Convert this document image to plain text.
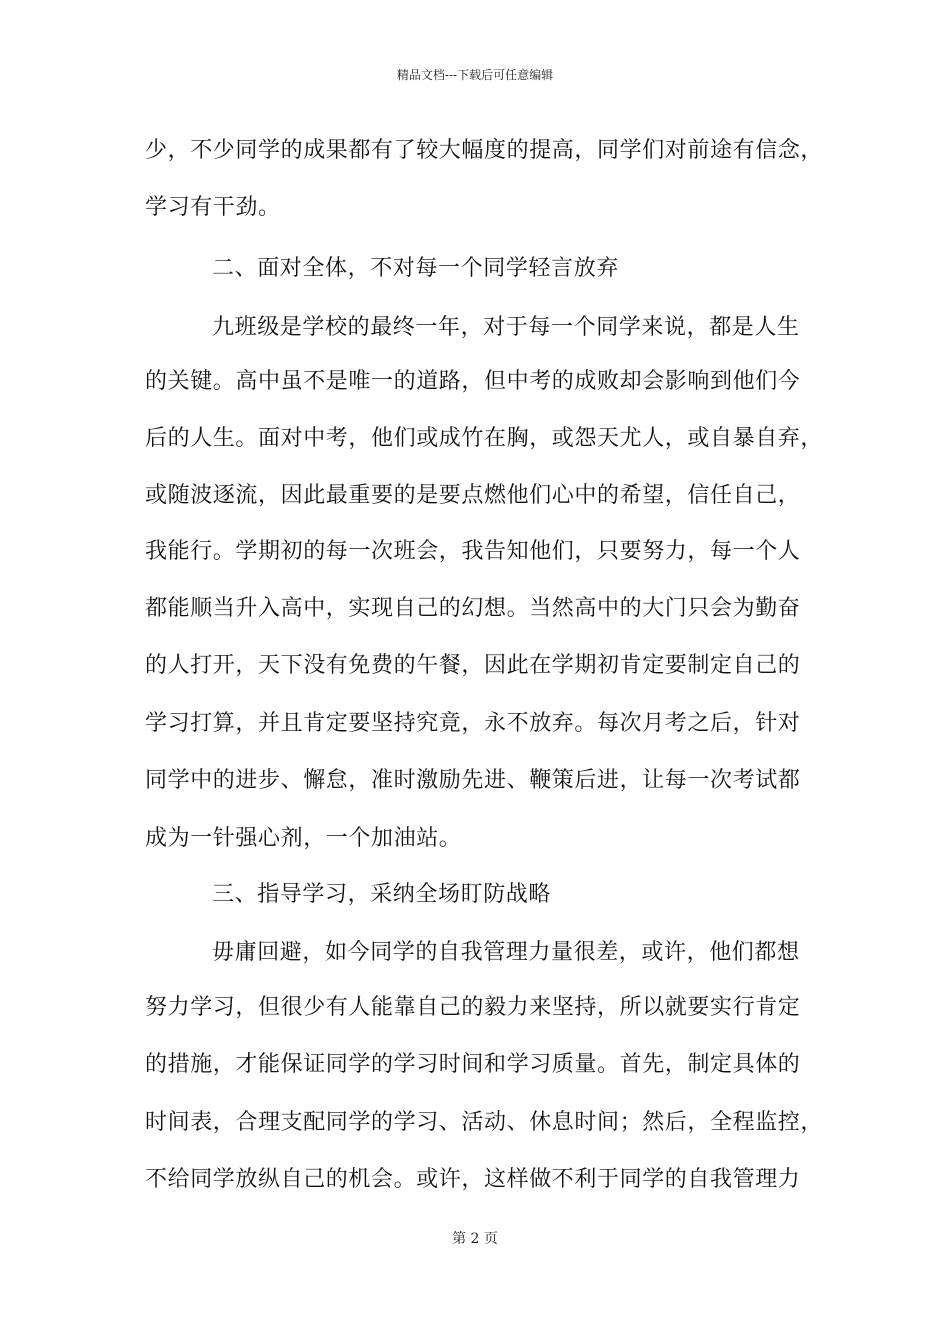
精品文档---下载后可任意编辑
少，不少同学的成果都有了较大幅度的提高，同学们对前途有信念，
学习有干劲。
二、面对全体，不对每一个同学轻言放弃
九班级是学校的最终一年，对于每一个同学来说，都是人生
的关键。高中虽不是唯一的道路，但中考的成败却会影响到他们今
后的人生。面对中考，他们或成竹在胸，或怨天尤人，或自暴自弃，
或随波逐流，因此最重要的是要点燃他们心中的希望，信任自己，
我能行。学期初的每一次班会，我告知他们，只要努力，每一个人
都能顺当升入高中，实现自己的幻想。当然高中的大门只会为勤奋
的人打开，天下没有免费的午餐，因此在学期初肯定要制定自己的
学习打算，并且肯定要坚持究竟，永不放弃。每次月考之后，针对
同学中的进步、懈怠，准时激励先进、鞭策后进，让每一次考试都
成为一针强心剂，一个加油站。
三、指导学习，采纳全场盯防战略
毋庸回避，如今同学的自我管理力量很差，或许，他们都想
努力学习，但很少有人能靠自己的毅力来坚持，所以就要实行肯定
的措施，才能保证同学的学习时间和学习质量。首先，制定具体的
时间表，合理支配同学的学习、活动、休息时间；然后，全程监控，
不给同学放纵自己的机会。或许，这样做不利于同学的自我管理力
第 2 页
